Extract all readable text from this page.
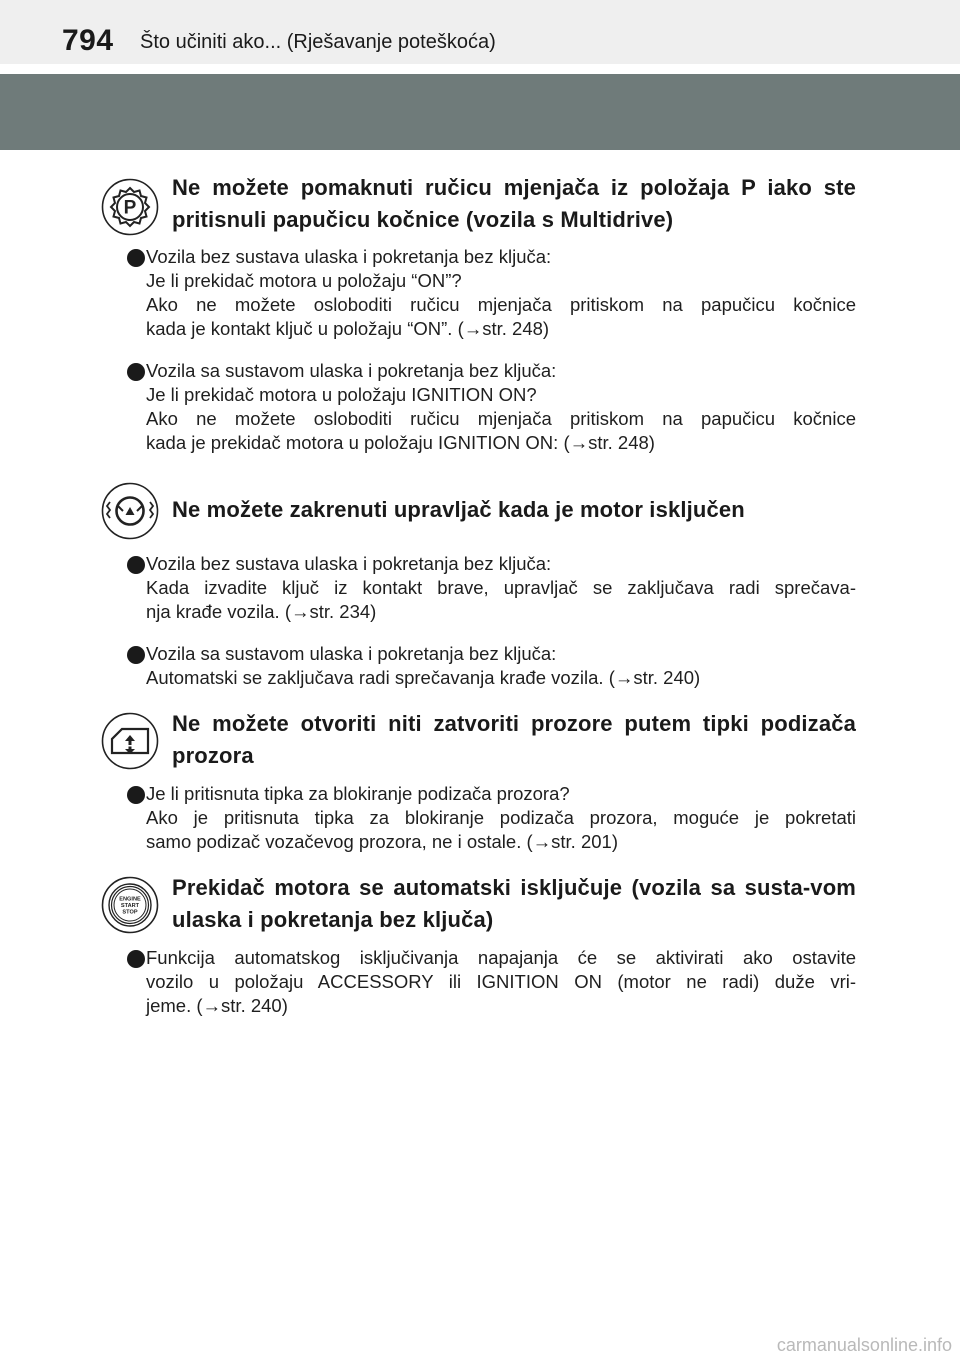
794 Što učiniti ako... (Rješavanje poteškoća)
P
Ne možete pomaknuti ručicu mjenjača iz položaja P iako ste pritisnuli papučicu kočnice (vozila s Multidrive)
Vozila bez sustava ulaska i pokretanja bez ključa:
Je li prekidač motora u položaju “ON”?
Ako ne možete osloboditi ručicu mjenjača pritiskom na papučicu kočnice
kada je kontakt ključ u položaju “ON”. (→str. 248)
Vozila sa sustavom ulaska i pokretanja bez ključa:
Je li prekidač motora u položaju IGNITION ON?
Ako ne možete osloboditi ručicu mjenjača pritiskom na papučicu kočnice
kada je prekidač motora u položaju IGNITION ON: (→str. 248)
Ne možete zakrenuti upravljač kada je motor isključen
Vozila bez sustava ulaska i pokretanja bez ključa:
Kada izvadite ključ iz kontakt brave, upravljač se zaključava radi sprečava-
nja krađe vozila. (→str. 234)
Vozila sa sustavom ulaska i pokretanja bez ključa:
Automatski se zaključava radi sprečavanja krađe vozila. (→str. 240)
Ne možete otvoriti niti zatvoriti prozore putem tipki podizača prozora
Je li pritisnuta tipka za blokiranje podizača prozora?
Ako je pritisnuta tipka za blokiranje podizača prozora, moguće je pokretati
samo podizač vozačevog prozora, ne i ostale. (→str. 201)
ENGINE
START
STOP
Prekidač motora se automatski isključuje (vozila sa susta-vom ulaska i pokretanja bez ključa)
Funkcija automatskog isključivanja napajanja će se aktivirati ako ostavite
vozilo u položaju ACCESSORY ili IGNITION ON (motor ne radi) duže vri-
jeme. (→str. 240)
carmanualsonline.info
